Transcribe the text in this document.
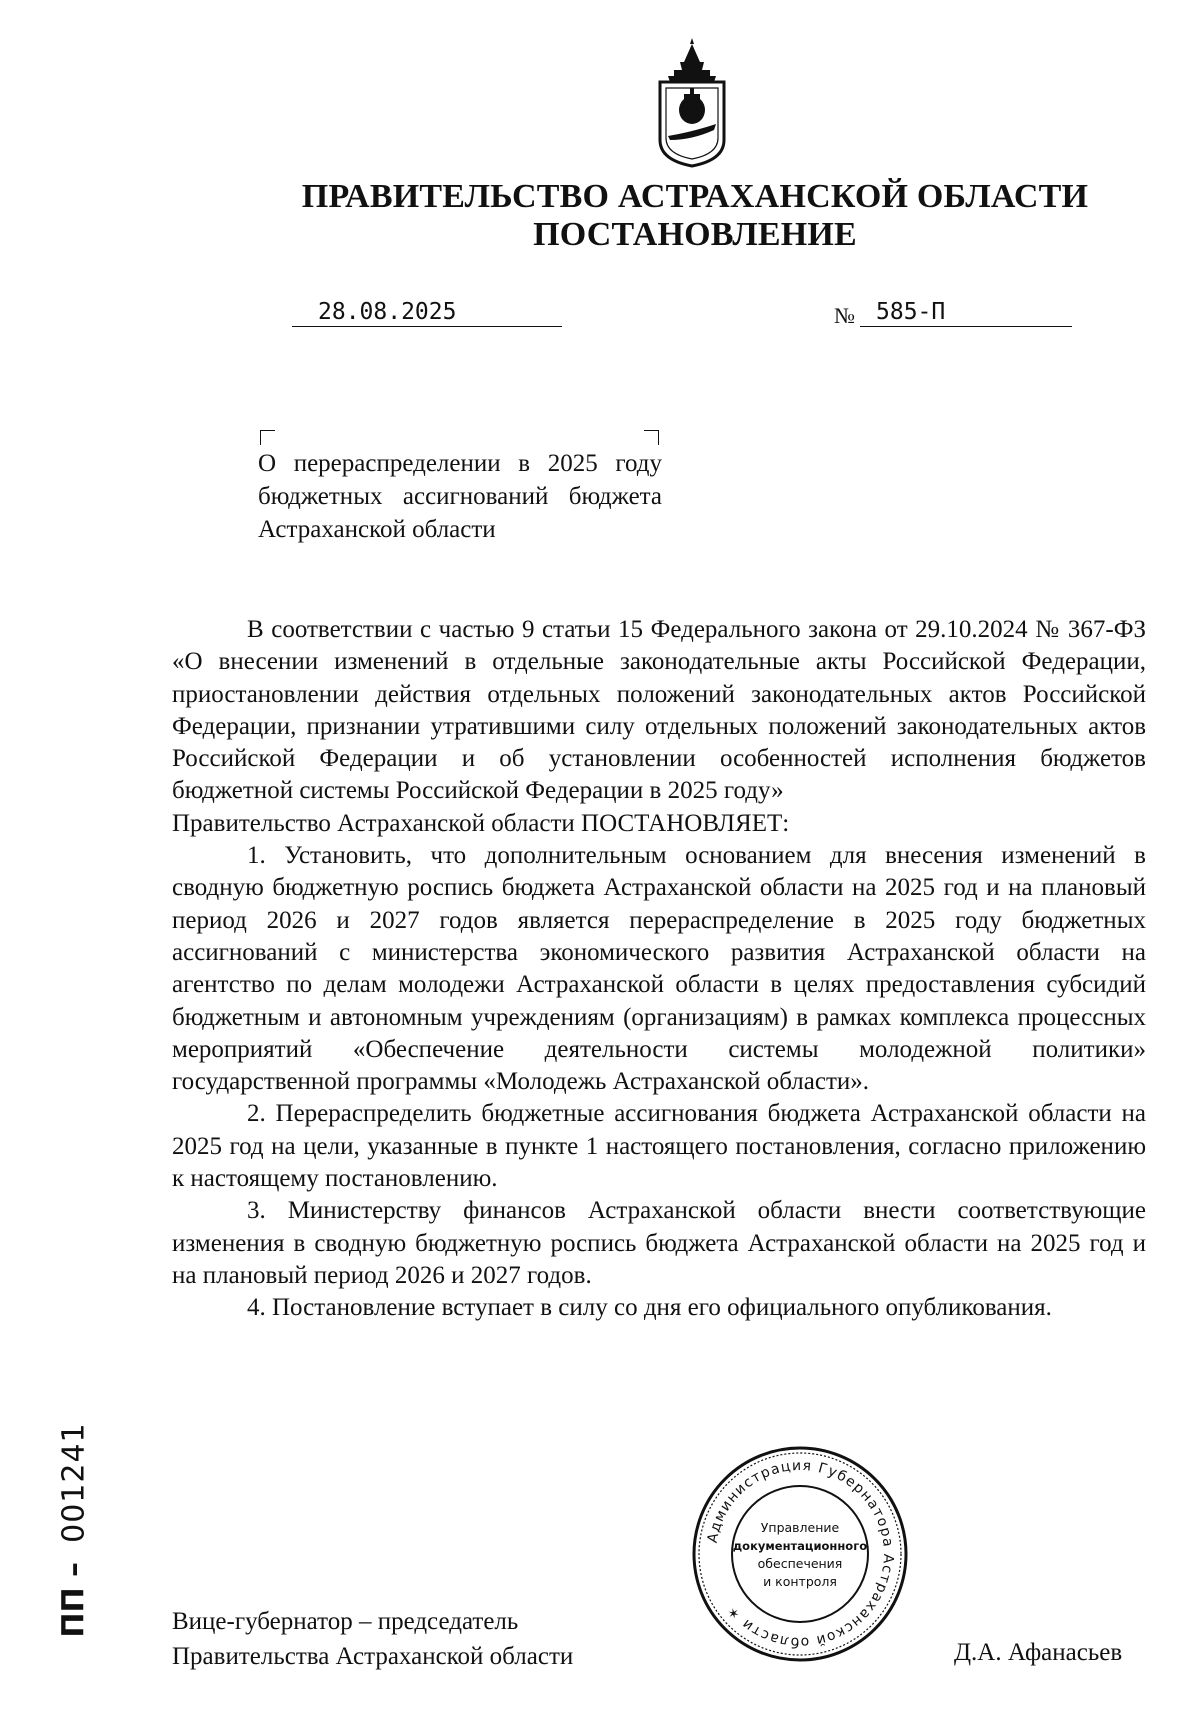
ПРАВИТЕЛЬСТВО АСТРАХАНСКОЙ ОБЛАСТИ
ПОСТАНОВЛЕНИЕ
28.08.2025	№ 585-П

О перераспределении в 2025 году бюджетных ассигнований бюджета Астраханской области

В соответствии с частью 9 статьи 15 Федерального закона от 29.10.2024 № 367-ФЗ «О внесении изменений в отдельные законодательные акты Российской Федерации, приостановлении действия отдельных положений законодательных актов Российской Федерации, признании утратившими силу отдельных положений законодательных актов Российской Федерации и об установлении особенностей исполнения бюджетов бюджетной системы Российской Федерации в 2025 году»

Правительство Астраханской области ПОСТАНОВЛЯЕТ:

1. Установить, что дополнительным основанием для внесения изменений в сводную бюджетную роспись бюджета Астраханской области на 2025 год и на плановый период 2026 и 2027 годов является перераспределение в 2025 году бюджетных ассигнований с министерства экономического развития Астраханской области на агентство по делам молодежи Астраханской области в целях предоставления субсидий бюджетным и автономным учреждениям (организациям) в рамках комплекса процессных мероприятий «Обеспечение деятельности системы молодежной политики» государственной программы «Молодежь Астраханской области».

2. Перераспределить бюджетные ассигнования бюджета Астраханской области на 2025 год на цели, указанные в пункте 1 настоящего постановления, согласно приложению к настоящему постановлению.

3. Министерству финансов Астраханской области внести соответствующие изменения в сводную бюджетную роспись бюджета Астраханской области на 2025 год и на плановый период 2026 и 2027 годов.

4. Постановление вступает в силу со дня его официального опубликования.

Вице-губернатор – председатель
Правительства Астраханской области	Д.А. Афанасьев
Администрация Губернатора Астраханской области ✶
Управление
документационного
обеспечения
и контроля
ПП –  001241
